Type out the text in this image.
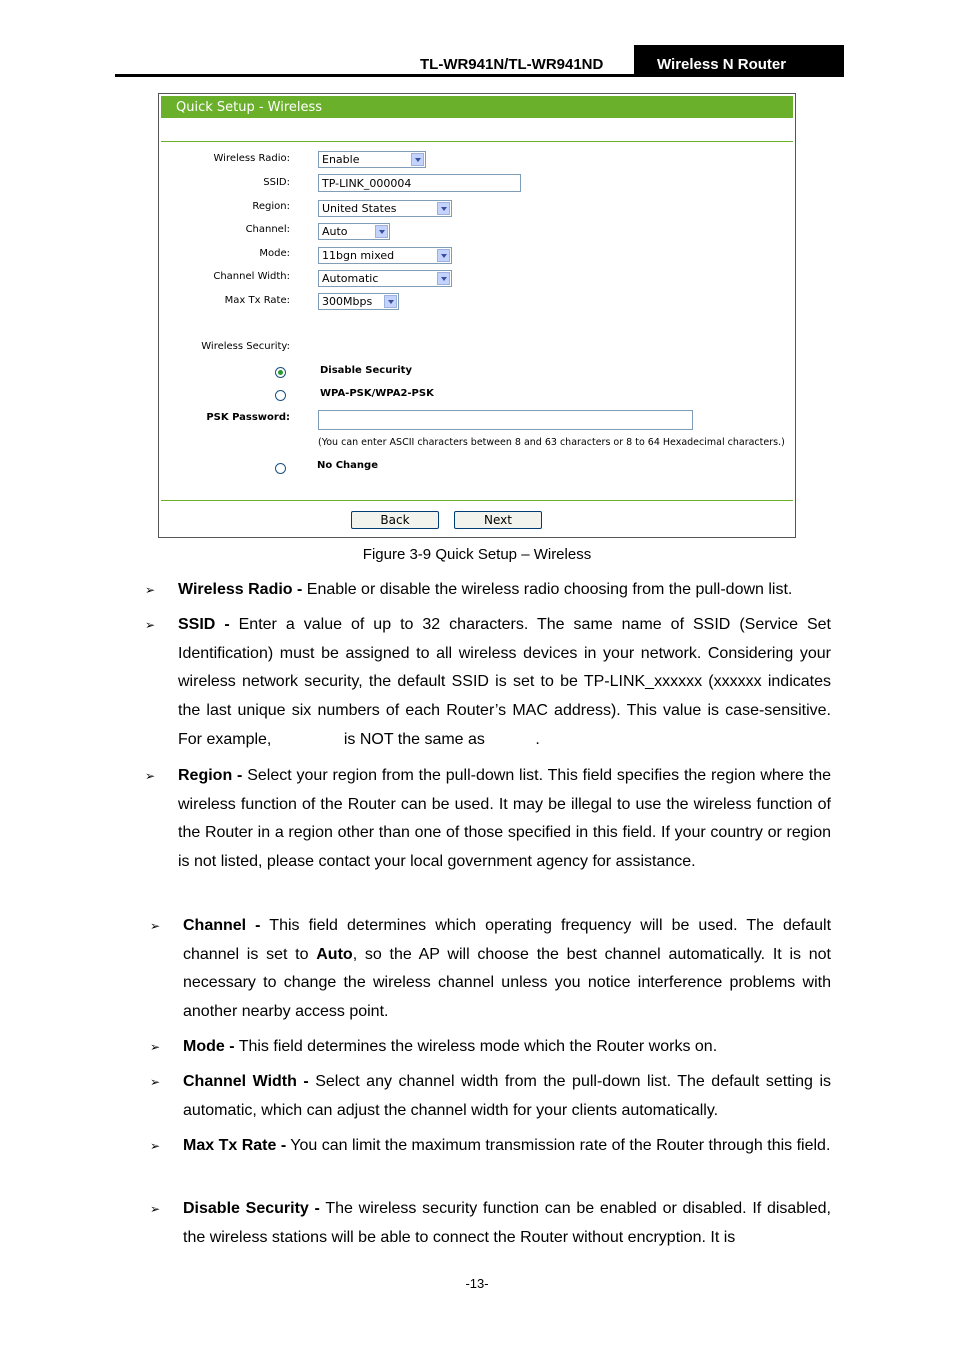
TL-WR941N/TL-WR941ND	Wireless N Router
Quick Setup - Wireless
Wireless Radio:	Enable
SSID:	TP-LINK_000004
Region:	United States
Channel:	Auto
Mode:	11bgn mixed
Channel Width:	Automatic
Max Tx Rate:	300Mbps
Wireless Security:
Disable Security
WPA-PSK/WPA2-PSK
PSK Password:
(You can enter ASCII characters between 8 and 63 characters or 8 to 64 Hexadecimal characters.)
No Change
Back	Next
Figure 3-9 Quick Setup – Wireless
➢ Wireless Radio - Enable or disable the wireless radio choosing from the pull-down list.
➢ SSID - Enter a value of up to 32 characters. The same name of SSID (Service Set Identification) must be assigned to all wireless devices in your network. Considering your wireless network security, the default SSID is set to be TP-LINK_xxxxxx (xxxxxx indicates the last unique six numbers of each Router’s MAC address). This value is case-sensitive. For example,	is NOT the same as	.
➢ Region - Select your region from the pull-down list. This field specifies the region where the wireless function of the Router can be used. It may be illegal to use the wireless function of the Router in a region other than one of those specified in this field. If your country or region is not listed, please contact your local government agency for assistance.
➢ Channel - This field determines which operating frequency will be used. The default channel is set to Auto, so the AP will choose the best channel automatically. It is not necessary to change the wireless channel unless you notice interference problems with another nearby access point.
➢ Mode - This field determines the wireless mode which the Router works on.
➢ Channel Width - Select any channel width from the pull-down list. The default setting is automatic, which can adjust the channel width for your clients automatically.
➢ Max Tx Rate - You can limit the maximum transmission rate of the Router through this field.
➢ Disable Security - The wireless security function can be enabled or disabled. If disabled, the wireless stations will be able to connect the Router without encryption. It is
-13-
